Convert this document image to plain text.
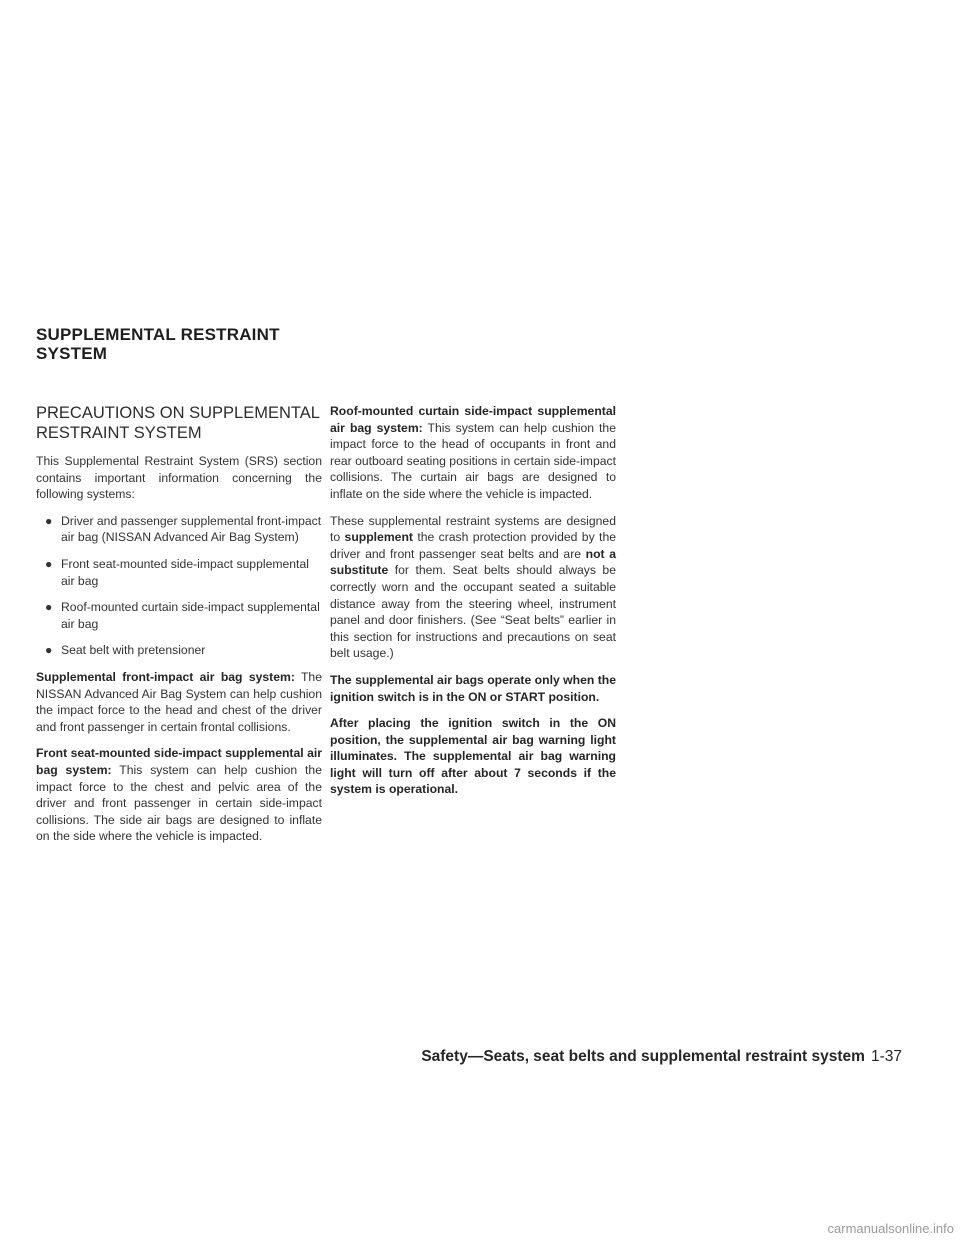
SUPPLEMENTAL RESTRAINT
SYSTEM
PRECAUTIONS ON SUPPLEMENTAL
RESTRAINT SYSTEM

This Supplemental Restraint System (SRS) section contains important information concerning the following systems:

● Driver and passenger supplemental front-impact air bag (NISSAN Advanced Air Bag System)
● Front seat-mounted side-impact supplemental air bag
● Roof-mounted curtain side-impact supplemental air bag
● Seat belt with pretensioner

Supplemental front-impact air bag system: The NISSAN Advanced Air Bag System can help cushion the impact force to the head and chest of the driver and front passenger in certain frontal collisions.

Front seat-mounted side-impact supplemental air bag system: This system can help cushion the impact force to the chest and pelvic area of the driver and front passenger in certain side-impact collisions. The side air bags are designed to inflate on the side where the vehicle is impacted.

Roof-mounted curtain side-impact supplemental air bag system: This system can help cushion the impact force to the head of occupants in front and rear outboard seating positions in certain side-impact collisions. The curtain air bags are designed to inflate on the side where the vehicle is impacted.

These supplemental restraint systems are designed to supplement the crash protection provided by the driver and front passenger seat belts and are not a substitute for them. Seat belts should always be correctly worn and the occupant seated a suitable distance away from the steering wheel, instrument panel and door finishers. (See “Seat belts” earlier in this section for instructions and precautions on seat belt usage.)

The supplemental air bags operate only when the ignition switch is in the ON or START position.

After placing the ignition switch in the ON position, the supplemental air bag warning light illuminates. The supplemental air bag warning light will turn off after about 7 seconds if the system is operational.

Safety—Seats, seat belts and supplemental restraint system 1-37
carmanualsonline.info
